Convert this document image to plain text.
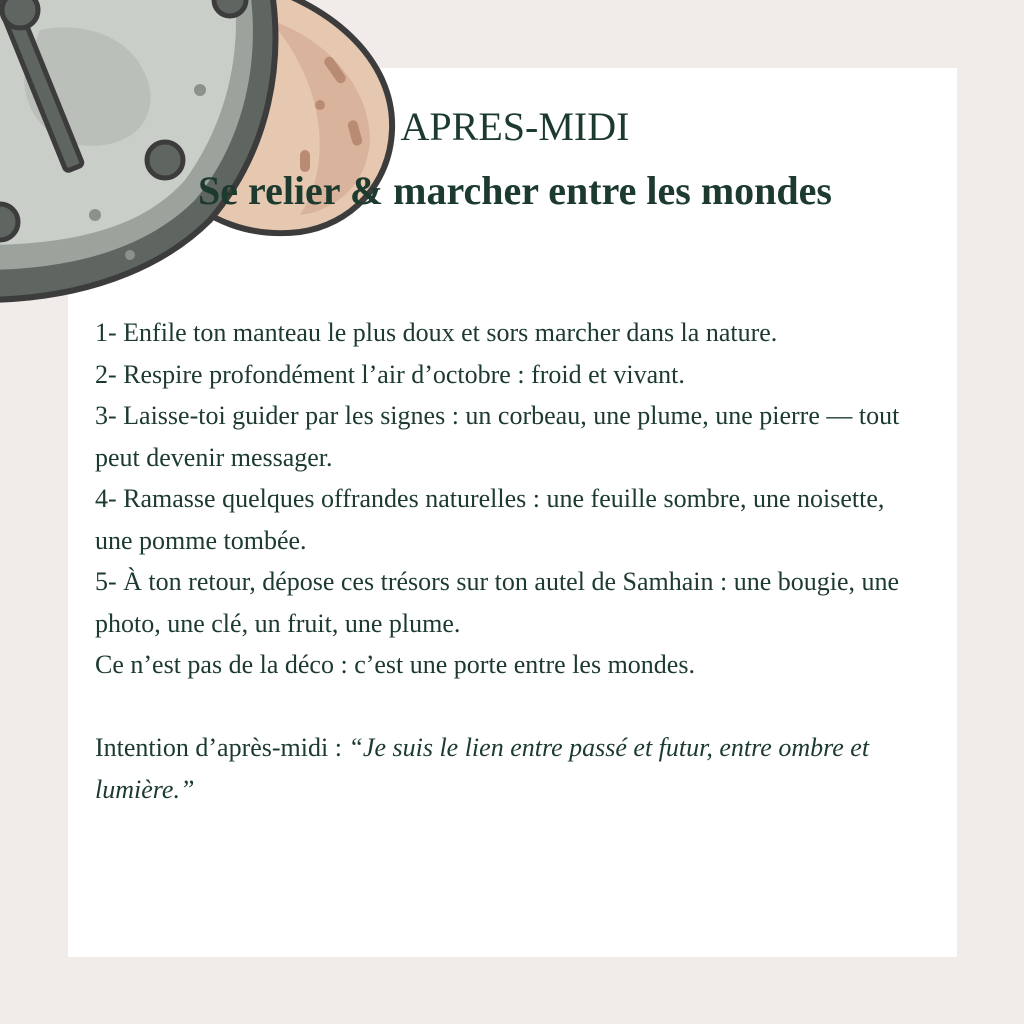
APRES-MIDI
Se relier & marcher entre les mondes

1- Enfile ton manteau le plus doux et sors marcher dans la nature.

2- Respire profondément l’air d’octobre : froid et vivant.

3- Laisse-toi guider par les signes : un corbeau, une plume, une pierre — tout peut devenir messager.

4- Ramasse quelques offrandes naturelles : une feuille sombre, une noisette, une pomme tombée.

5- À ton retour, dépose ces trésors sur ton autel de Samhain : une bougie, une photo, une clé, un fruit, une plume.

Ce n’est pas de la déco : c’est une porte entre les mondes.

Intention d’après-midi : “Je suis le lien entre passé et futur, entre ombre et lumière.”
